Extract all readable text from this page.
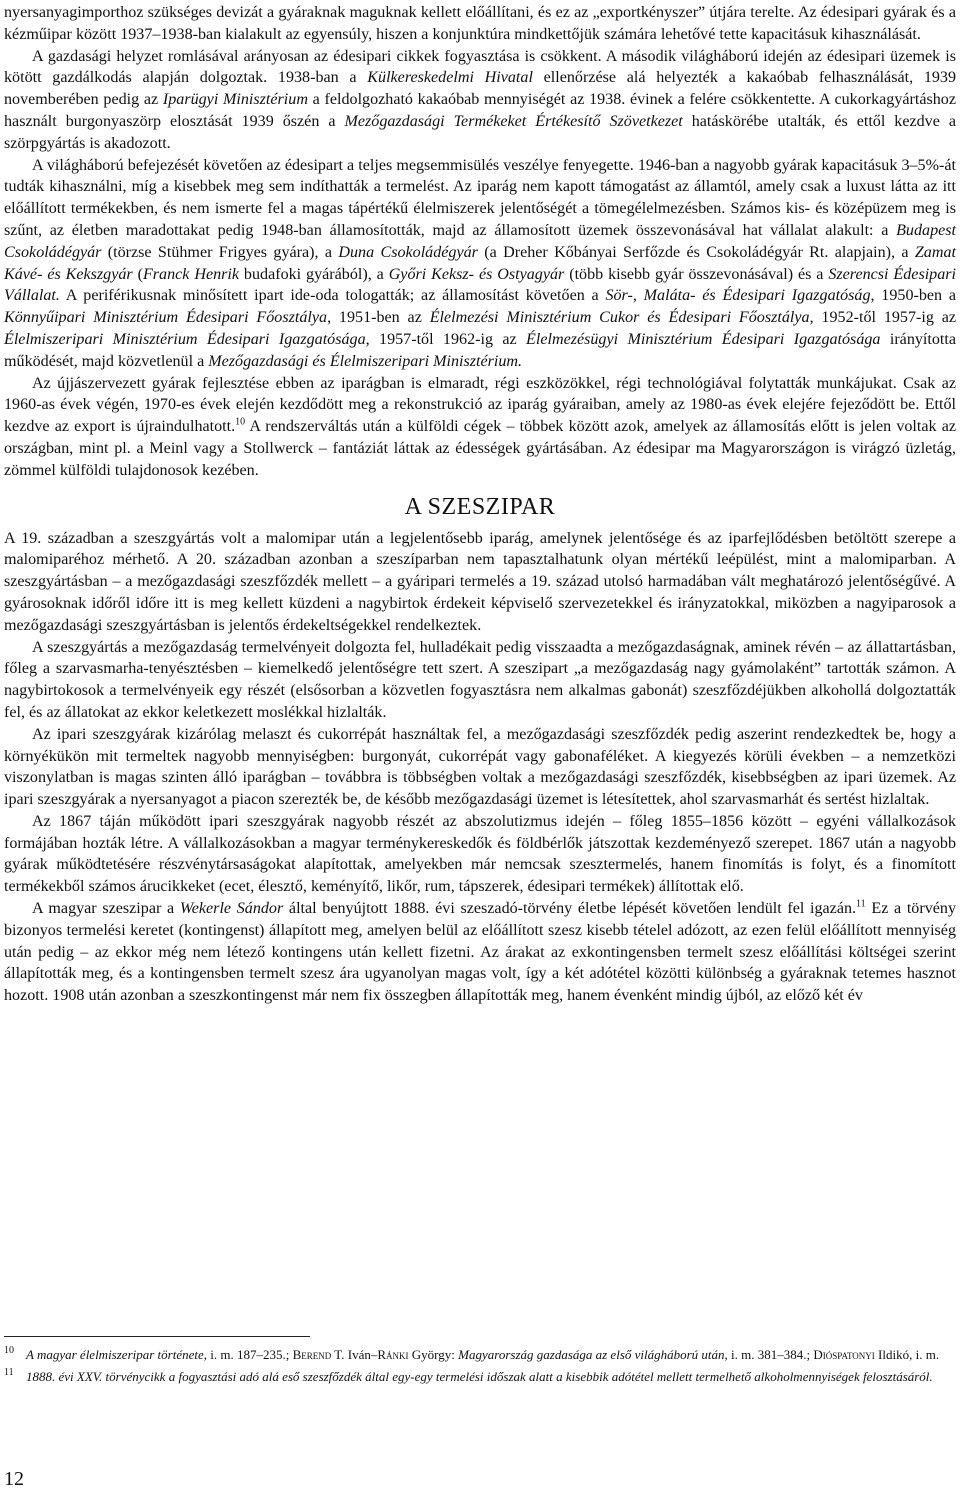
nyersanyagimporthoz szükséges devizát a gyáraknak maguknak kellett előállítani, és ez az „exportkényszer” útjára terelte. Az édesipari gyárak és a kézműipar között 1937–1938-ban kialakult az egyensúly, hiszen a konjunktúra mindkettőjük számára lehetővé tette kapacitásuk kihasználását.

A gazdasági helyzet romlásával arányosan az édesipari cikkek fogyasztása is csökkent. A második világháború idején az édesipari üzemek is kötött gazdálkodás alapján dolgoztak. 1938-ban a Külkereskedelmi Hivatal ellenőrzése alá helyezték a kakaóbab felhasználását, 1939 novemberében pedig az Iparügyi Minisztérium a feldolgozható kakaóbab mennyiségét az 1938. évinek a felére csökkentette. A cukorkagyártáshoz használt burgonyaszörp elosztását 1939 őszén a Mezőgazdasági Termékeket Értékesítő Szövetkezet hatáskörébe utalták, és ettől kezdve a szörpgyártás is akadozott.

A világháború befejezését követően az édesipart a teljes megsemmisülés veszélye fenyegette. 1946-ban a nagyobb gyárak kapacitásuk 3–5%-át tudták kihasználni, míg a kisebbek meg sem indíthatták a termelést. Az iparág nem kapott támogatást az államtól, amely csak a luxust látta az itt előállított termékekben, és nem ismerte fel a magas tápértékű élelmiszerek jelentőségét a tömegélelmezésben. Számos kis- és középüzem meg is szűnt, az életben maradottakat pedig 1948-ban államosították, majd az államosított üzemek összevonásával hat vállalat alakult: a Budapest Csokoládégyár (törzse Stühmer Frigyes gyára), a Duna Csokoládégyár (a Dreher Kőbányai Serfőzde és Csokoládégyár Rt. alapjain), a Zamat Kávé- és Kekszgyár (Franck Henrik budafoki gyárából), a Győri Keksz- és Ostyagyár (több kisebb gyár összevonásával) és a Szerencsi Édesipari Vállalat. A periférikusnak minősített ipart ide-oda tologatták; az államosítást követően a Sör-, Maláta- és Édesipari Igazgatóság, 1950-ben a Könnyűipari Minisztérium Édesipari Főosztálya, 1951-ben az Élelmezési Minisztérium Cukor és Édesipari Főosztálya, 1952-től 1957-ig az Élelmiszeripari Minisztérium Édesipari Igazgatósága, 1957-től 1962-ig az Élelmezésügyi Minisztérium Édesipari Igazgatósága irányította működését, majd közvetlenül a Mezőgazdasági és Élelmiszeripari Minisztérium.

Az újjászervezett gyárak fejlesztése ebben az iparágban is elmaradt, régi eszközökkel, régi technológiával folytatták munkájukat. Csak az 1960-as évek végén, 1970-es évek elején kezdődött meg a rekonstrukció az iparág gyáraiban, amely az 1980-as évek elejére fejeződött be. Ettől kezdve az export is újraindulhatott.$^{10}$ A rendszerváltás után a külföldi cégek – többek között azok, amelyek az államosítás előtt is jelen voltak az országban, mint pl. a Meinl vagy a Stollwerck – fantáziát láttak az édességek gyártásában. Az édesipar ma Magyarországon is virágzó üzletág, zömmel külföldi tulajdonosok kezében.

A SZESZIPAR

A 19. században a szeszgyártás volt a malomipar után a legjelentősebb iparág, amelynek jelentősége és az iparfejlődésben betöltött szerepe a malomiparéhoz mérhető. A 20. században azonban a szeszíparban nem tapasztalhatunk olyan mértékű leépülést, mint a malomiparban. A szeszgyártásban – a mezőgazdasági szeszfőzdék mellett – a gyáripari termelés a 19. század utolsó harmadában vált meghatározó jelentőségűvé. A gyárosoknak időről időre itt is meg kellett küzdeni a nagybirtok érdekeit képviselő szervezetekkel és irányzatokkal, miközben a nagyiparosok a mezőgazdasági szeszgyártásban is jelentős érdekeltségekkel rendelkeztek.

A szeszgyártás a mezőgazdaság termelvényeit dolgozta fel, hulladékait pedig visszaadta a mezőgazdaságnak, aminek révén – az állattartásban, főleg a szarvasmarha-tenyésztésben – kiemelkedő jelentőségre tett szert. A szeszipart „a mezőgazdaság nagy gyámolaként” tartották számon. A nagybirtokosok a termelvényeik egy részét (elsősorban a közvetlen fogyasztásra nem alkalmas gabonát) szeszfőzdéjükben alkohollá dolgoztatták fel, és az állatokat az ekkor keletkezett moslékkal hizlalták.

Az ipari szeszgyárak kizárólag melaszt és cukorrépát használtak fel, a mezőgazdasági szeszfőzdék pedig aszerint rendezkedtek be, hogy a környékükön mit termeltek nagyobb mennyiségben: burgonyát, cukorrépát vagy gabonaféléket. A kiegyezés körüli években – a nemzetközi viszonylatban is magas szinten álló iparágban – továbbra is többségben voltak a mezőgazdasági szeszfőzdék, kisebbségben az ipari üzemek. Az ipari szeszgyárak a nyersanyagot a piacon szerezték be, de később mezőgazdasági üzemet is létesítettek, ahol szarvasmarhát és sertést hizlaltak.

Az 1867 táján működött ipari szeszgyárak nagyobb részét az abszolutizmus idején – főleg 1855–1856 között – egyéni vállalkozások formájában hozták létre. A vállalkozásokban a magyar terménykereskedők és földbérlők játszottak kezdeményező szerepet. 1867 után a nagyobb gyárak működtetésére részvénytársaságokat alapítottak, amelyekben már nemcsak szesztermelés, hanem finomítás is folyt, és a finomított termékekből számos árucikkeket (ecet, élesztő, keményítő, likőr, rum, tápszerek, édesipari termékek) állítottak elő.

A magyar szeszipar a Wekerle Sándor által benyújtott 1888. évi szeszadó-törvény életbe lépését követően lendült fel igazán.$^{11}$ Ez a törvény bizonyos termelési keretet (kontingenst) állapított meg, amelyen belül az előállított szesz kisebb tételel adózott, az ezen felül előállított mennyiség után pedig – az ekkor még nem létező kontingens után kellett fizetni. Az árakat az exkontingensben termelt szesz előállítási költségei szerint állapították meg, és a kontingensben termelt szesz ára ugyanolyan magas volt, így a két adótétel közötti különbség a gyáraknak tetemes hasznot hozott. 1908 után azonban a szeszkontingenst már nem fix összegben állapították meg, hanem évenként mindig újból, az előző két év

10 A magyar élelmiszeripar története, i. m. 187–235.; Berend T. Iván–Ránki György: Magyarország gazdasága az első világháború után, i. m. 381–384.; Dióspatonyi Ildikó, i. m.
11 1888. évi XXV. törvénycikk a fogyasztási adó alá eső szeszfőzdék által egy-egy termelési időszak alatt a kisebbik adótétel mellett termelhető alkoholmennyiségek felosztásáról.
12
